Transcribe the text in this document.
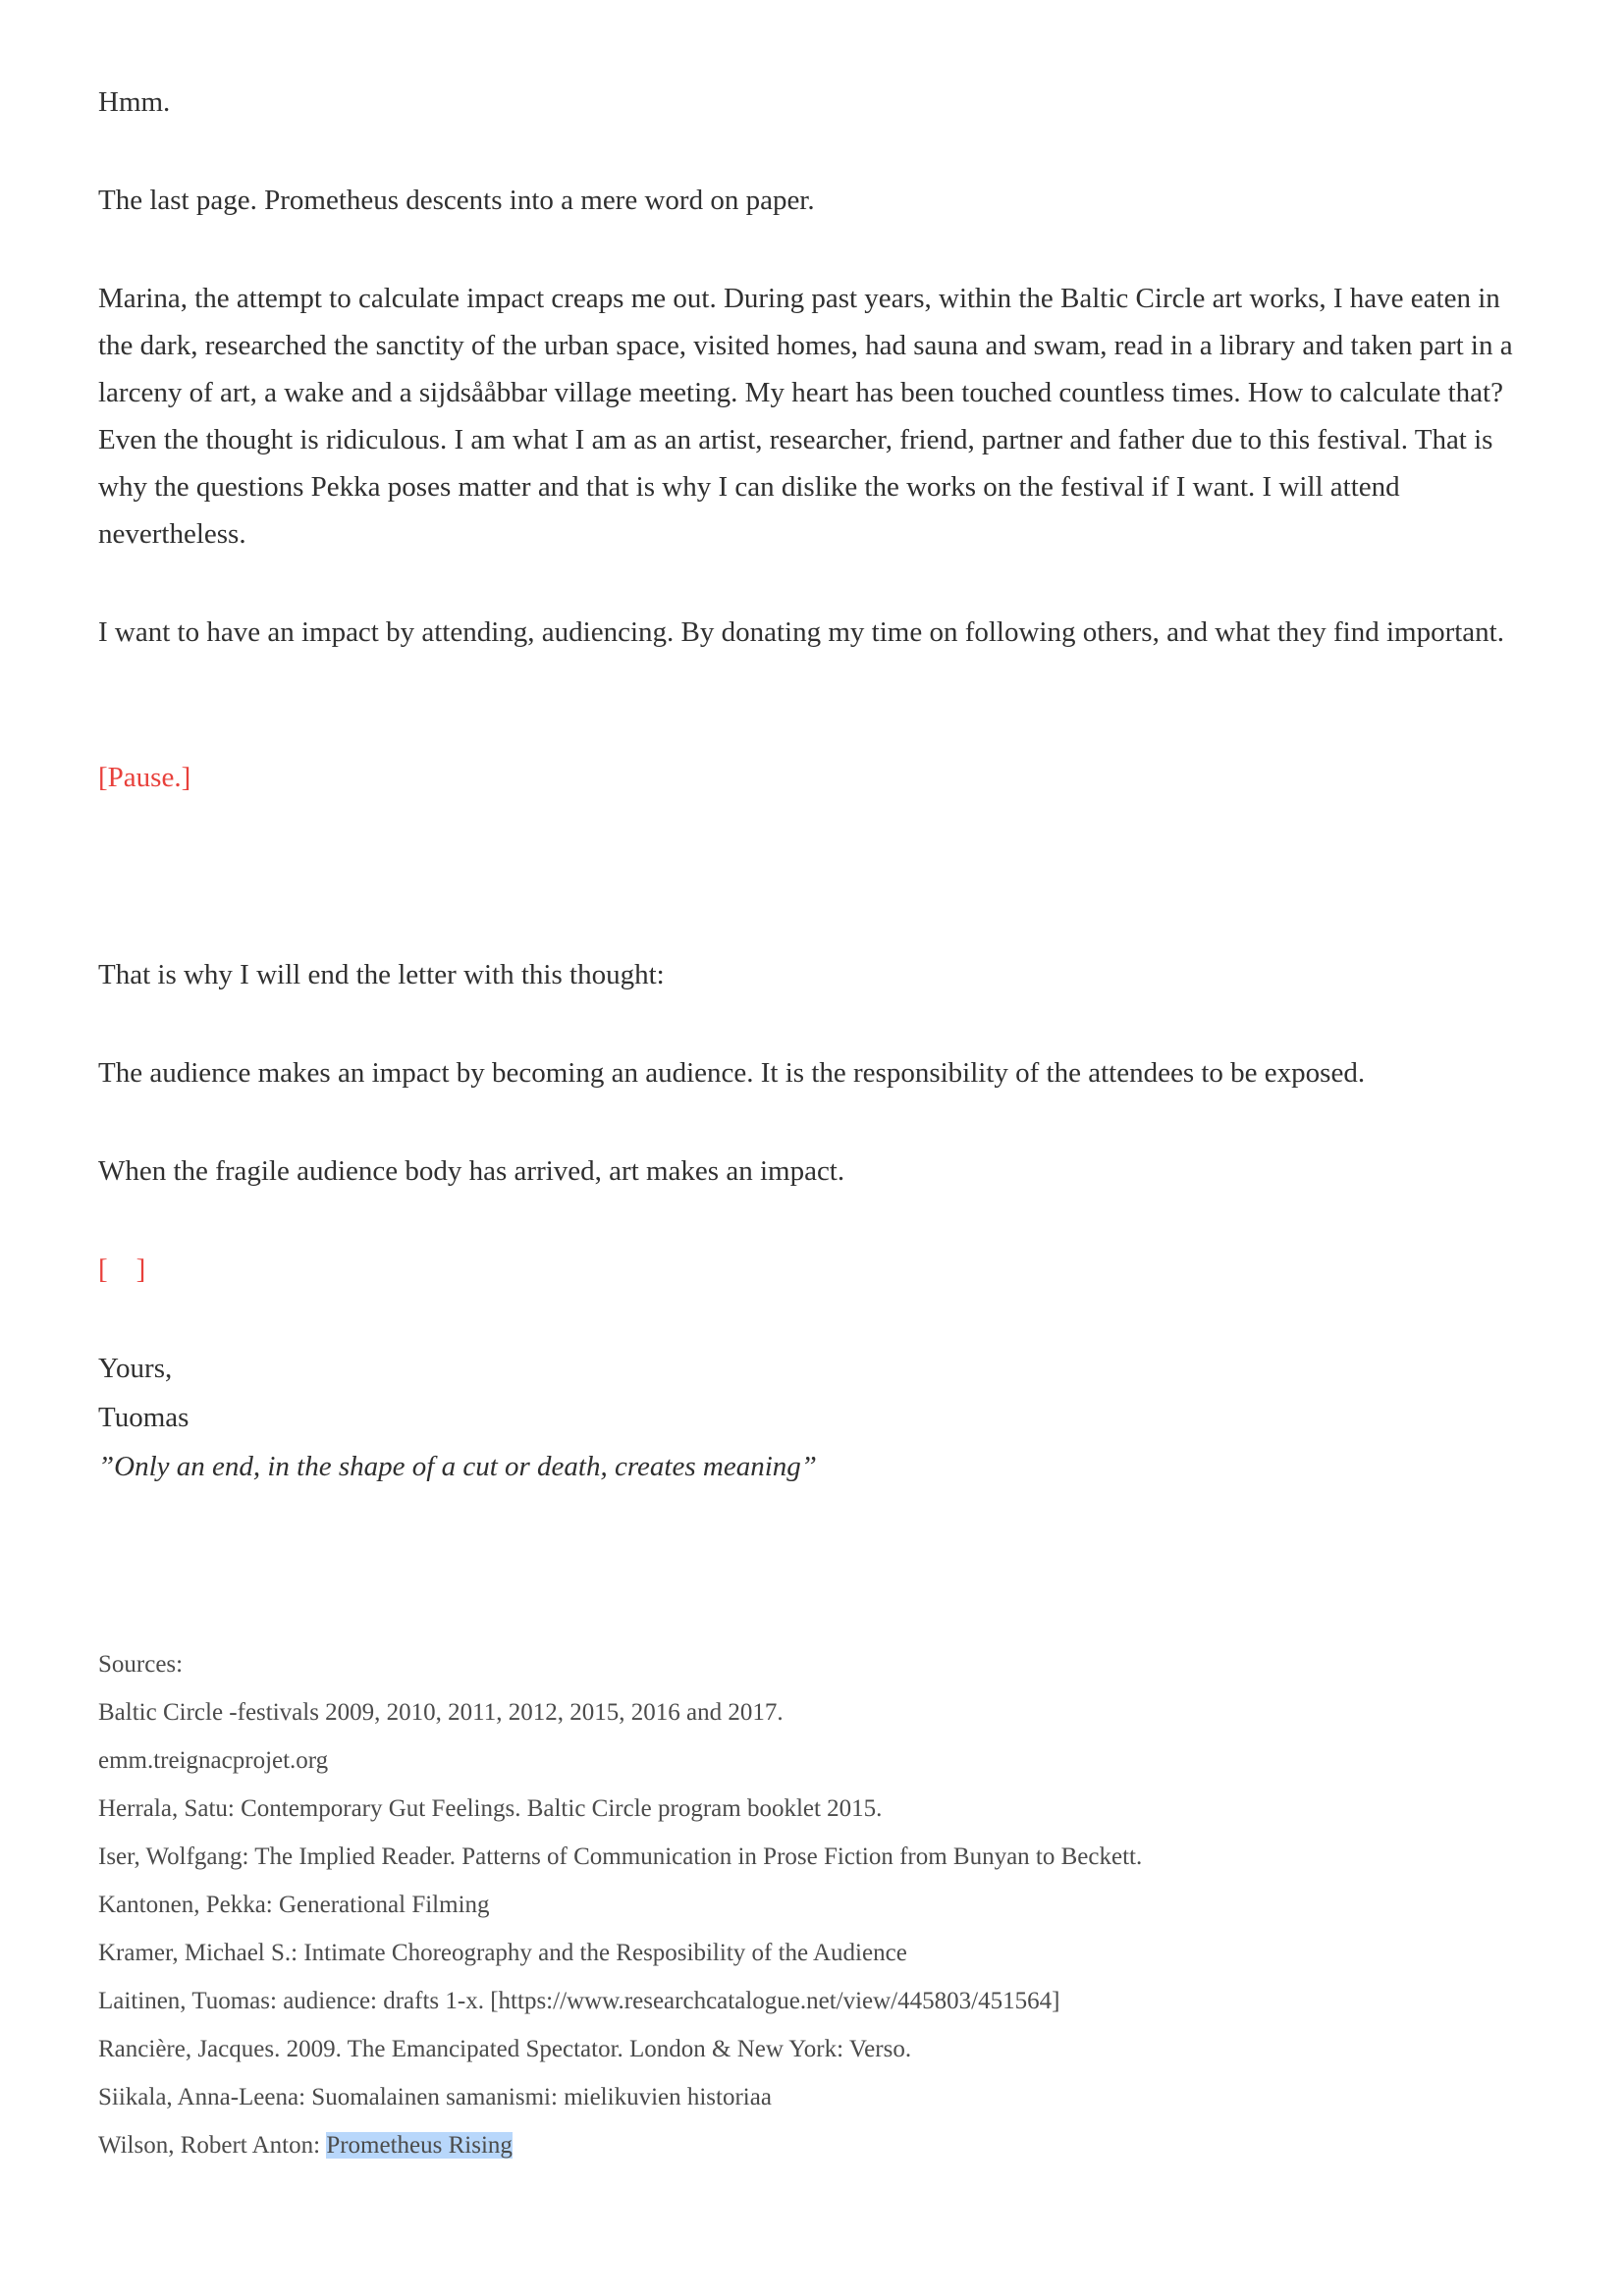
Hmm.

The last page. Prometheus descents into a mere word on paper.

Marina, the attempt to calculate impact creaps me out. During past years, within the Baltic Circle art works, I have eaten in the dark, researched the sanctity of the urban space, visited homes, had sauna and swam, read in a library and taken part in a larceny of art, a wake and a sijdsååbbar village meeting. My heart has been touched countless times. How to calculate that? Even the thought is ridiculous. I am what I am as an artist, researcher, friend, partner and father due to this festival. That is why the questions Pekka poses matter and that is why I can dislike the works on the festival if I want. I will attend nevertheless.

I want to have an impact by attending, audiencing. By donating my time on following others, and what they find important.

[Pause.]

That is why I will end the letter with this thought:

The audience makes an impact by becoming an audience. It is the responsibility of the attendees to be exposed.

When the fragile audience body has arrived, art makes an impact.

[    ]

Yours,

Tuomas

”Only an end, in the shape of a cut or death, creates meaning”

Sources:

Baltic Circle -festivals 2009, 2010, 2011, 2012, 2015, 2016 and 2017.

emm.treignacprojet.org

Herrala, Satu: Contemporary Gut Feelings. Baltic Circle program booklet 2015.

Iser, Wolfgang: The Implied Reader. Patterns of Communication in Prose Fiction from Bunyan to Beckett.

Kantonen, Pekka: Generational Filming

Kramer, Michael S.: Intimate Choreography and the Resposibility of the Audience

Laitinen, Tuomas: audience: drafts 1-x. [https://www.researchcatalogue.net/view/445803/451564]

Rancière, Jacques. 2009. The Emancipated Spectator. London & New York: Verso.

Siikala, Anna-Leena: Suomalainen samanismi: mielikuvien historiaa

Wilson, Robert Anton: Prometheus Rising
